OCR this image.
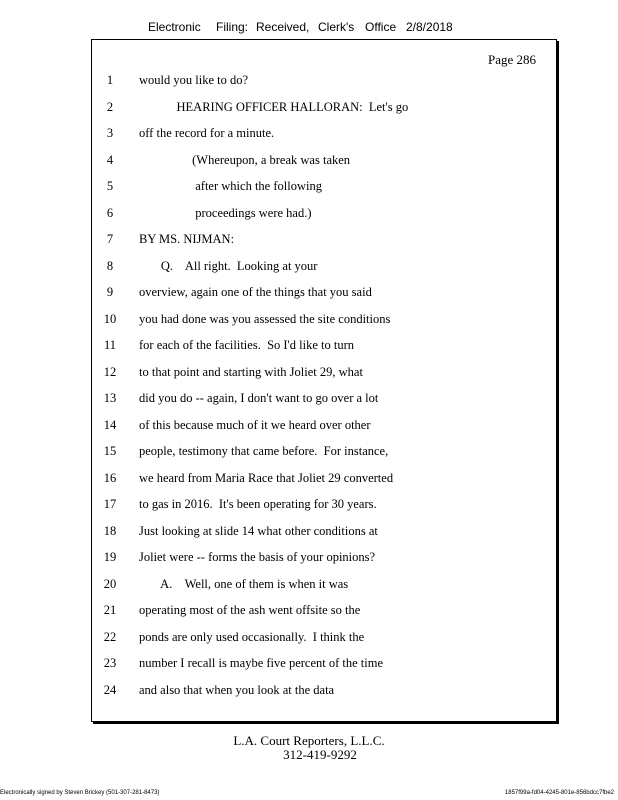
Electronic Filing: Received, Clerk's Office 2/8/2018
Page 286
1	would you like to do?
2	HEARING OFFICER HALLORAN:  Let's go
3	off the record for a minute.
4	(Whereupon, a break was taken
5	after which the following
6	proceedings were had.)
7	BY MS. NIJMAN:
8	Q.    All right.  Looking at your
9	overview, again one of the things that you said
10	you had done was you assessed the site conditions
11	for each of the facilities.  So I'd like to turn
12	to that point and starting with Joliet 29, what
13	did you do -- again, I don't want to go over a lot
14	of this because much of it we heard over other
15	people, testimony that came before.  For instance,
16	we heard from Maria Race that Joliet 29 converted
17	to gas in 2016.  It's been operating for 30 years.
18	Just looking at slide 14 what other conditions at
19	Joliet were -- forms the basis of your opinions?
20	A.    Well, one of them is when it was
21	operating most of the ash went offsite so the
22	ponds are only used occasionally.  I think the
23	number I recall is maybe five percent of the time
24	and also that when you look at the data
L.A. Court Reporters, L.L.C.
312-419-9292
Electronically signed by Steven Brickey (501-307-281-8473)	1857f99a-fd04-4245-801e-856bdcc7fbe2
